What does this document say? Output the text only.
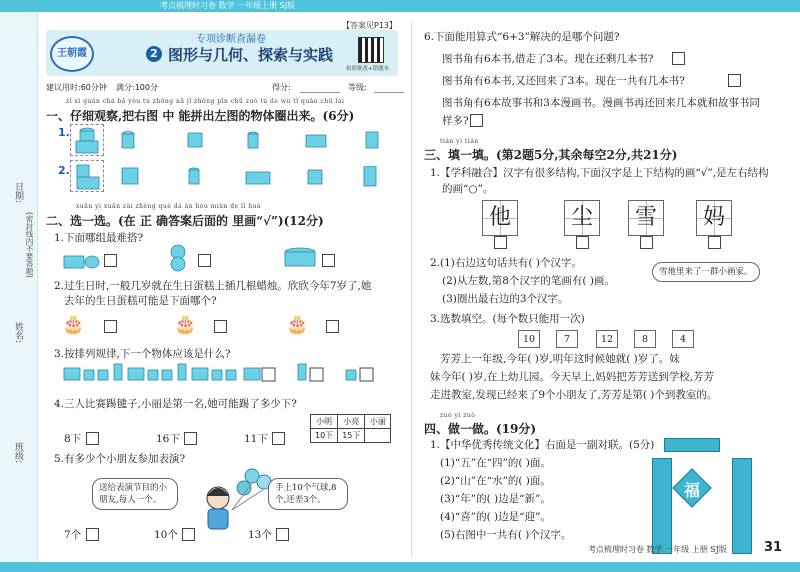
考点梳理时习卷 数学 一年级上册 SJ版
日期:
(密封线内不要答题)
姓名:
班级:
【答案见P13】
王朝霞
专项诊断查漏卷
2 图形与几何、探索与实践
拍照批改+错题本
建议用时:60分钟 满分:100分	得分:	等级:
zǐ xì guān chá bǎ yòu tú zhōng nǎ jǐ zhǒng pīn chū zuǒ tú de wù tǐ quān chū lái
一、仔细观察,把右图 中 能拼出左图的物体圈出来。(6分)
1.
2.
xuǎn yi xuǎn zài zhèng què dá àn hòu miàn de lǐ huà
二、选一选。(在 正 确答案后面的 里画“√”)(12分)
1.下面哪组最难搭?
2.过生日时,一般几岁就在生日蛋糕上插几根蜡烛。欣欣今年7岁了,她
去年的生日蛋糕可能是下面哪个?
🎂	🎂	🎂
3.按排列规律,下一个物体应该是什么?
4.三人比赛踢毽子,小丽是第一名,她可能踢了多少下?
8下	16下	11下
小明	小亮	小丽
10下	15下	
5.有多少个小朋友参加表演?
送给表演节目的小朋友,每人一个。
手上10个气球,8个,还差3个。
7个	10个	13个
6.下面能用算式“6+3”解决的是哪个问题?
图书角有6本书,借走了3本。现在还剩几本书?
图书角有6本书,又还回来了3本。现在一共有几本书?
图书角有6本故事书和3本漫画书。漫画书再还回来几本就和故事书同
样多?
tián yi tián
三、填一填。(第2题5分,其余每空2分,共21分)
1.【学科融合】汉字有很多结构,下面汉字是上下结构的画“√”,是左右结构
的画“○”。
他	尘	雪	妈
2.(1)右边这句话共有( )个汉字。
(2)从左数,第8个汉字的笔画有( )画。
(3)圈出最右边的3个汉字。
雪地里来了一群小画家。
3.选数填空。(每个数只能用一次)
10	7	12	8	4
芳芳上一年级,今年( )岁,明年这时候她就( )岁了。妹
妹今年( )岁,在上幼儿园。今天早上,妈妈把芳芳送到学校,芳芳
走进教室,发现已经来了9个小朋友了,芳芳是第( )个到教室的。
zuò yi zuò
四、做一做。(19分)
1.【中华优秀传统文化】右面是一副对联。(5分)
(1)“五”在“四”的( )面。
(2)“山”在“水”的( )面。
(3)“年”的( )边是“新”。
(4)“喜”的( )边是“迎”。
(5)右图中一共有( )个汉字。
福
考点梳理时习卷 数学 一年级 上册 SJ版	31
